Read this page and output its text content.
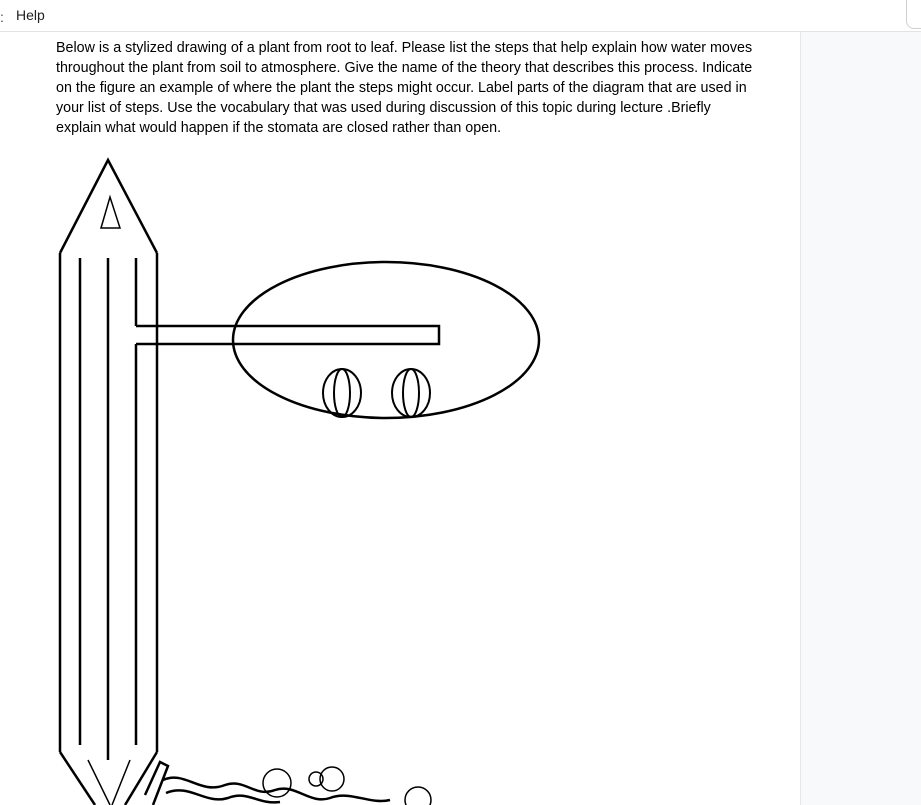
: Help

Below is a stylized drawing of a plant from root to leaf. Please list the steps that help explain how water moves throughout the plant from soil to atmosphere. Give the name of the theory that describes this process. Indicate on the figure an example of where the plant the steps might occur. Label parts of the diagram that are used in your list of steps. Use the vocabulary that was used during discussion of this topic during lecture .Briefly explain what would happen if the stomata are closed rather than open.
